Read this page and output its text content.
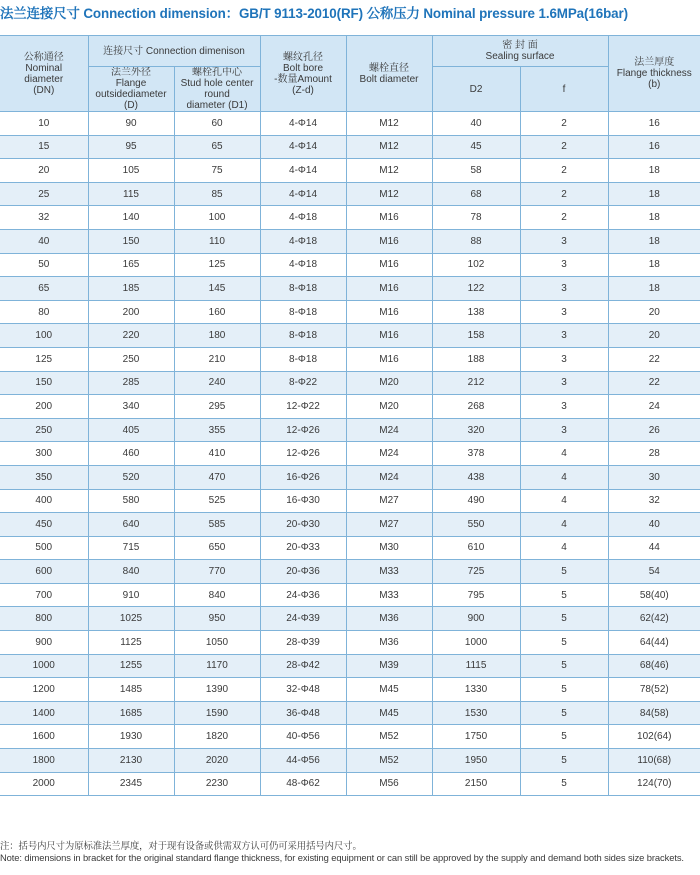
法兰连接尺寸 Connection dimension：GB/T 9113-2010(RF) 公称压力 Nominal pressure 1.6MPa(16bar)
公称通径
Nominal
diameter
(DN)	连接尺寸 Connection dimenison		螺纹孔径
Bolt bore
-数量Amount
(Z-d)	螺栓直径
Bolt diameter	密 封 面
Sealing surface		法兰厚度
Flange thickness
(b)
	法兰外径
Flange
outsidediameter
(D)	螺栓孔中心
Stud hole center
round
diameter (D1)					
					D2	f	
10	90	60	4-Φ14	M12	40	2	16
15	95	65	4-Φ14	M12	45	2	16
20	105	75	4-Φ14	M12	58	2	18
25	115	85	4-Φ14	M12	68	2	18
32	140	100	4-Φ18	M16	78	2	18
40	150	110	4-Φ18	M16	88	3	18
50	165	125	4-Φ18	M16	102	3	18
65	185	145	8-Φ18	M16	122	3	18
80	200	160	8-Φ18	M16	138	3	20
100	220	180	8-Φ18	M16	158	3	20
125	250	210	8-Φ18	M16	188	3	22
150	285	240	8-Φ22	M20	212	3	22
200	340	295	12-Φ22	M20	268	3	24
250	405	355	12-Φ26	M24	320	3	26
300	460	410	12-Φ26	M24	378	4	28
350	520	470	16-Φ26	M24	438	4	30
400	580	525	16-Φ30	M27	490	4	32
450	640	585	20-Φ30	M27	550	4	40
500	715	650	20-Φ33	M30	610	4	44
600	840	770	20-Φ36	M33	725	5	54
700	910	840	24-Φ36	M33	795	5	58(40)
800	1025	950	24-Φ39	M36	900	5	62(42)
900	1125	1050	28-Φ39	M36	1000	5	64(44)
1000	1255	1170	28-Φ42	M39	1115	5	68(46)
1200	1485	1390	32-Φ48	M45	1330	5	78(52)
1400	1685	1590	36-Φ48	M45	1530	5	84(58)
1600	1930	1820	40-Φ56	M52	1750	5	102(64)
1800	2130	2020	44-Φ56	M52	1950	5	110(68)
2000	2345	2230	48-Φ62	M56	2150	5	124(70)
注：括号内尺寸为原标准法兰厚度，对于现有设备或供需双方认可仍可采用括号内尺寸。
Note: dimensions in bracket for the original standard flange thickness, for existing equipment or can still be approved by the supply and demand both sides size brackets.
